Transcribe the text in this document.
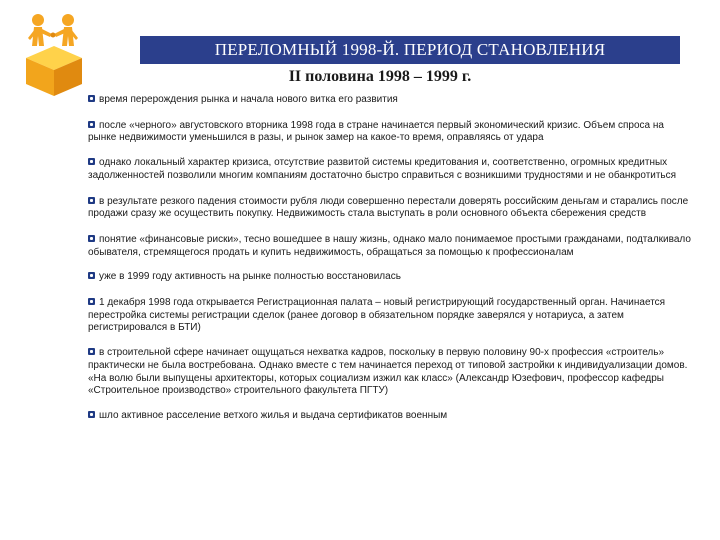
ПЕРЕЛОМНЫЙ 1998-Й. ПЕРИОД СТАНОВЛЕНИЯ
II половина 1998 – 1999 г.

время перерождения рынка и начала нового витка его развития

после «черного» августовского вторника 1998 года в стране начинается первый экономический кризис. Объем спроса на рынке недвижимости уменьшился в разы, и рынок замер на какое-то время, оправляясь от удара

однако локальный характер кризиса, отсутствие развитой системы кредитования и, соответственно, огромных кредитных задолженностей позволили многим компаниям достаточно быстро справиться с возникшими трудностями и не обанкротиться

в результате резкого падения стоимости рубля люди совершенно перестали доверять российским деньгам и старались после продажи сразу же осуществить покупку. Недвижимость стала выступать в роли основного объекта сбережения средств

понятие «финансовые риски», тесно вошедшее в нашу жизнь, однако мало понимаемое простыми гражданами, подталкивало обывателя, стремящегося продать и купить недвижимость, обращаться за помощью к профессионалам

уже в 1999 году активность на рынке полностью восстановилась

1 декабря 1998 года открывается Регистрационная палата – новый регистрирующий государственный орган. Начинается перестройка системы регистрации сделок (ранее договор в обязательном порядке заверялся у нотариуса, а затем регистрировался в БТИ)

в строительной сфере начинает ощущаться нехватка кадров, поскольку в первую половину 90-х профессия «строитель» практически не была востребована. Однако вместе с тем начинается переход от типовой застройки к индивидуализации домов. «На волю были выпущены архитекторы, которых социализм изжил как класс» (Александр Юзефович, профессор кафедры «Строительное производство» строительного факультета ПГТУ)

шло активное расселение ветхого жилья и выдача сертификатов военным
